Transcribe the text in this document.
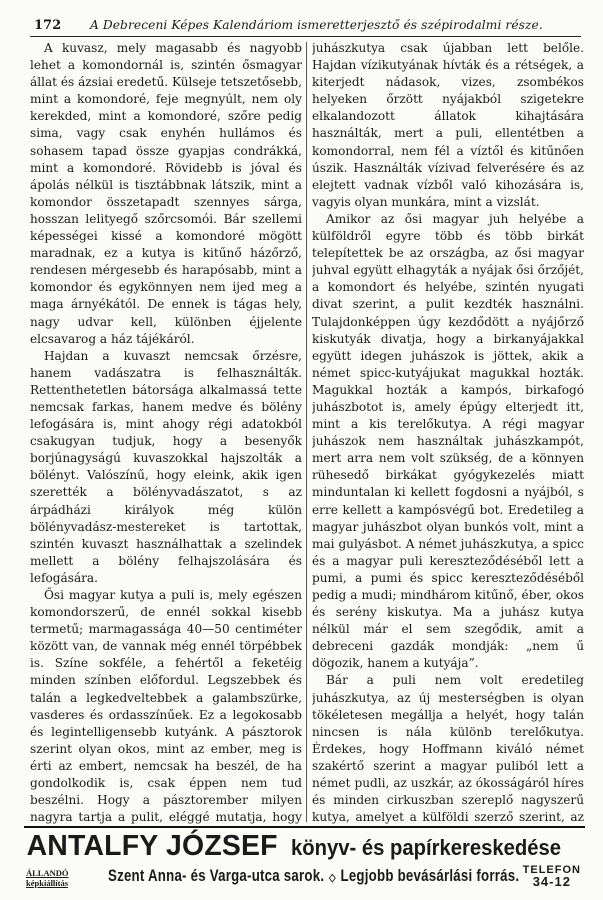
172 A Debreceni Képes Kalendáriom ismeretterjesztő és szépirodalmi része.

A kuvasz, mely magasabb és nagyobb lehet a komondornál is, szintén ősmagyar állat és ázsiai eredetű. Külseje tetszetősebb, mint a komondoré, feje megnyúlt, nem oly kerekded, mint a komondoré, szőre pedig sima, vagy csak enyhén hullámos és sohasem tapad össze gyapjas condrákká, mint a komondoré. Rövidebb is jóval és ápolás nélkül is tisztábbnak látszik, mint a komondor összetapadt szennyes sárga, hosszan lelityegő szőrcsomói. Bár szellemi képességei kissé a komondoré mögött maradnak, ez a kutya is kitűnő házőrző, rendesen mérgesebb és harapósabb, mint a komondor és egykönnyen nem ijed meg a maga árnyékától. De ennek is tágas hely, nagy udvar kell, különben éjjelente elcsavarog a ház tájékáról.

Hajdan a kuvaszt nemcsak őrzésre, hanem vadászatra is felhasználták. Rettenthetetlen bátorsága alkalmassá tette nemcsak farkas, hanem medve és bölény lefogására is, mint ahogy régi adatokból csakugyan tudjuk, hogy a besenyők borjúnagyságú kuvaszokkal hajszolták a bölényt. Valószínű, hogy eleink, akik igen szerették a bölényvadászatot, s az árpádházi királyok még külön bölényvadász-mestereket is tartottak, szintén kuvaszt használhattak a szelindek mellett a bölény felhajszolására és lefogására.

Ősi magyar kutya a puli is, mely egészen komondorszerű, de ennél sokkal kisebb termetű; marmagassága 40—50 centiméter között van, de vannak még ennél törpébbek is. Színe sokféle, a fehértől a feketéig minden színben előfordul. Legszebbek és talán a legkedveltebbek a galambszürke, vasderes és ordasszínűek. Ez a legokosabb és legintelligensebb kutyánk. A pásztorok szerint olyan okos, mint az ember, meg is érti az embert, nemcsak ha beszél, de ha gondolkodik is, csak éppen nem tud beszélni. Hogy a pásztorember milyen nagyra tartja a pulit, eléggé mutatja, hogy

juhászkutya csak újabban lett belőle. Hajdan vízikutyának hívták és a rétségek, a kiterjedt nádasok, vizes, zsombékos helyeken őrzött nyájakból szigetekre elkalandozott állatok kihajtására használták, mert a puli, ellentétben a komondorral, nem fél a víztől és kitűnően úszik. Használták vízivad felverésére és az elejtett vadnak vízből való kihozására is, vagyis olyan munkára, mint a vizslát.

Amikor az ősi magyar juh helyébe a külföldről egyre több és több birkát telepítettek be az országba, az ősi magyar juhval együtt elhagyták a nyájak ősi őrzőjét, a komondort és helyébe, szintén nyugati divat szerint, a pulit kezdték használni. Tulajdonképpen úgy kezdődött a nyájőrző kiskutyák divatja, hogy a birkanyájakkal együtt idegen juhászok is jöttek, akik a német spicc-kutyájukat magukkal hozták. Magukkal hozták a kampós, birkafogó juhászbotot is, amely épúgy elterjedt itt, mint a kis terelőkutya. A régi magyar juhászok nem használtak juhászkampót, mert arra nem volt szükség, de a könnyen rühesedő birkákat gyógykezelés miatt minduntalan ki kellett fogdosni a nyájból, s erre kellett a kampósvégű bot. Eredetileg a magyar juhászbot olyan bunkós volt, mint a mai gulyásbot. A német juhászkutya, a spicc és a magyar puli kereszteződéséből lett a pumi, a pumi és spicc kereszteződéséből pedig a mudi; mindhárom kitűnő, éber, okos és serény kiskutya. Ma a juhász kutya nélkül már el sem szegődik, amit a debreceni gazdák mondják: „nem ű dögozik, hanem a kutyája”.

Bár a puli nem volt eredetileg juhászkutya, az új mesterségben is olyan tökéletesen megállja a helyét, hogy talán nincsen is nála különb terelőkutya. Érdekes, hogy Hoffmann kiváló német szakértő szerint a magyar puliból lett a német pudli, az uszkár, az ókosságáról híres és minden cirkuszban szereplő nagyszerű kutya, amelyet a külföldi szerző szerint, az

ANTALFY JÓZSEF könyv- és papírkereskedése
ÁLLANDÓ
képkiállítás Szent Anna- és Varga-utca sarok. ◇ Legjobb bevásárlási forrás. TELEFON
34-12
